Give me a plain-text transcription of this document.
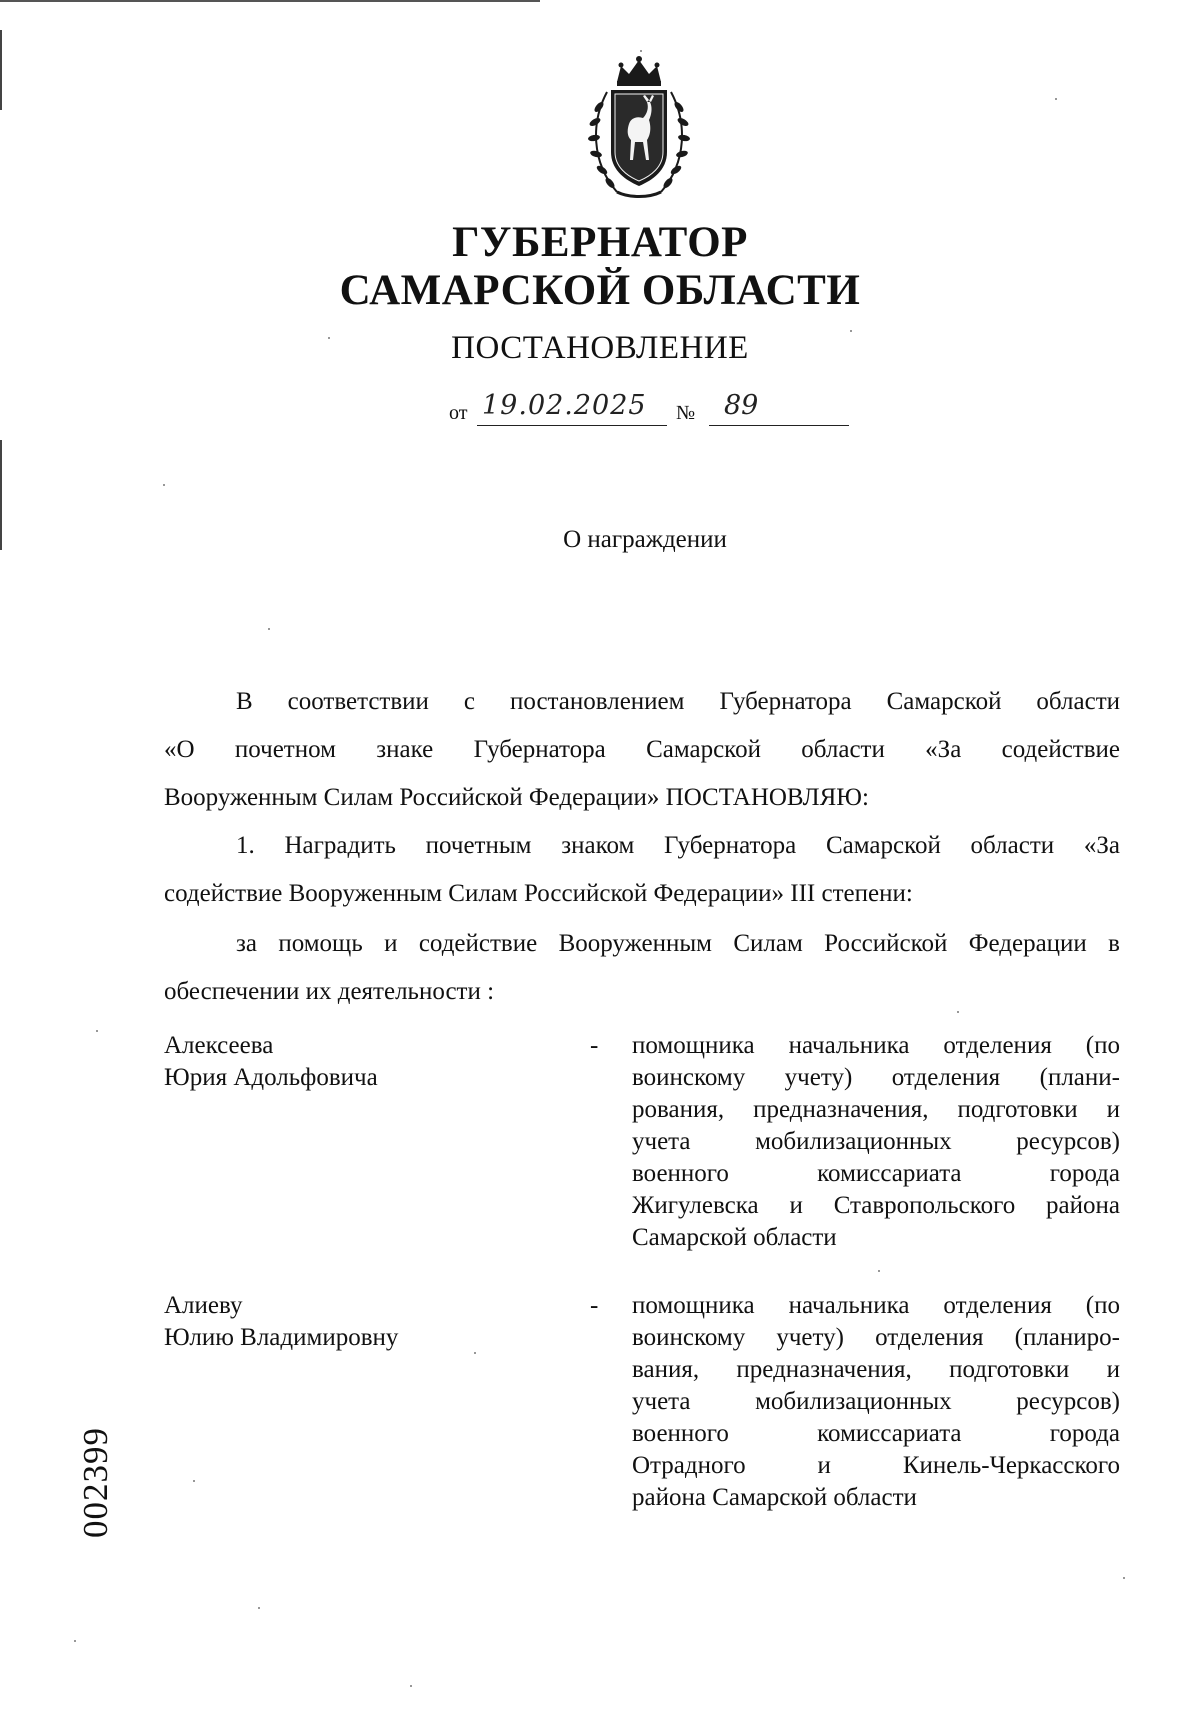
ГУБЕРНАТОР
САМАРСКОЙ ОБЛАСТИ
ПОСТАНОВЛЕНИЕ
от 19.02.2025 № 89
О награждении
В соответствии с постановлением Губернатора Самарской области
«О почетном знаке Губернатора Самарской области «За содействие
Вооруженным Силам Российской Федерации» ПОСТАНОВЛЯЮ:
1. Наградить почетным знаком Губернатора Самарской области «За
содействие Вооруженным Силам Российской Федерации» III степени:
за помощь и содействие Вооруженным Силам Российской Федерации в
обеспечении их деятельности :
Алексеева
Юрия Адольфовича
- помощника начальника отделения (по
воинскому учету) отделения (плани-
рования, предназначения, подготовки и
учета мобилизационных ресурсов)
военного комиссариата города
Жигулевска и Ставропольского района
Самарской области
Алиеву
Юлию Владимировну
- помощника начальника отделения (по
воинскому учету) отделения (планиро-
вания, предназначения, подготовки и
учета мобилизационных ресурсов)
военного комиссариата города
Отрадного и Кинель-Черкасского
района Самарской области
002399
